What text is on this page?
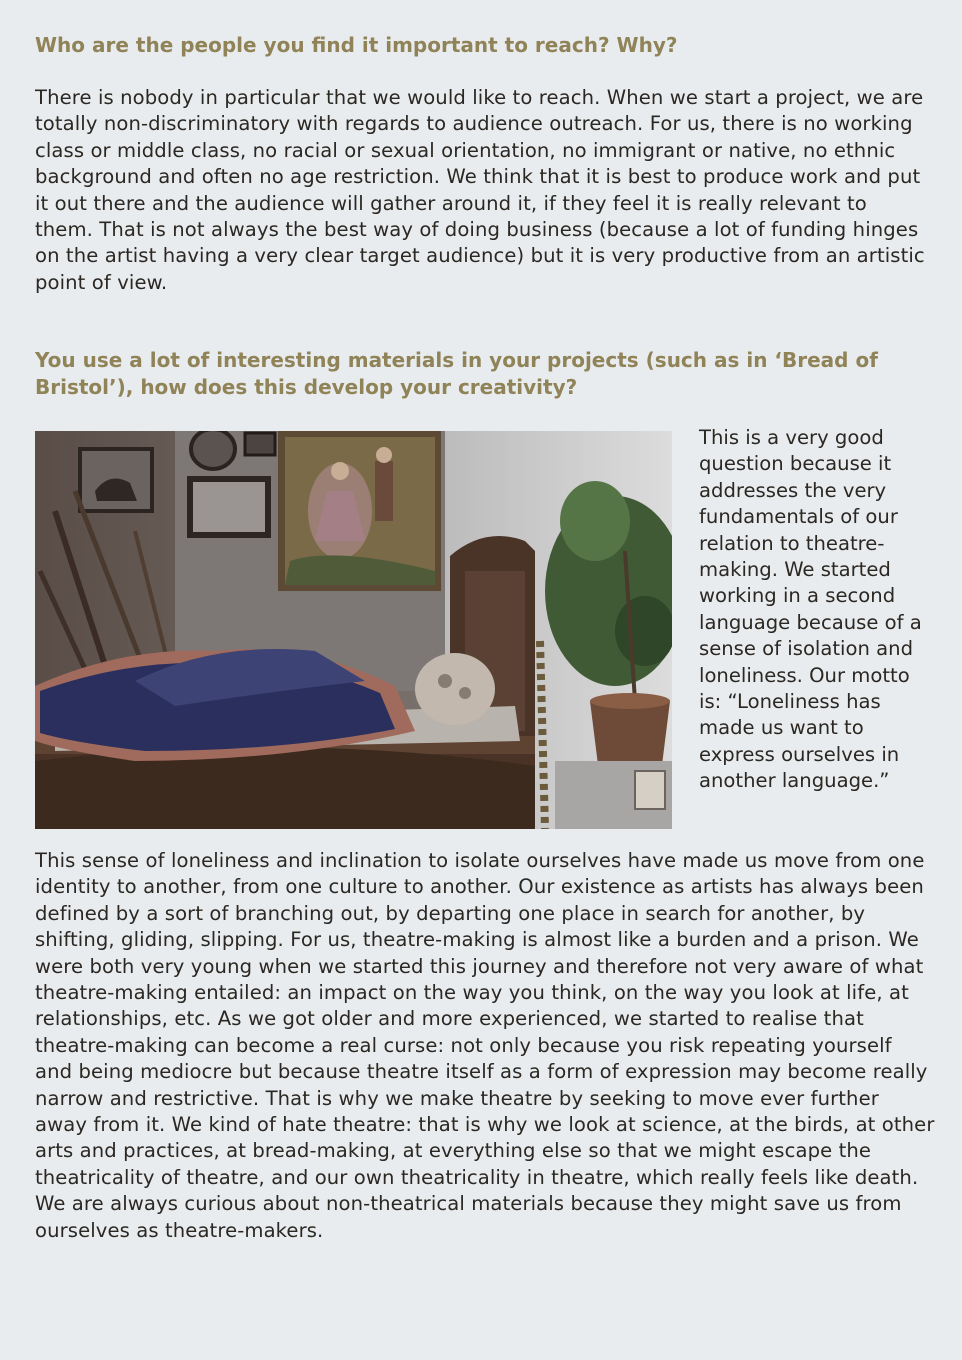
Who are the people you find it important to reach? Why?

There is nobody in particular that we would like to reach. When we start a project, we are totally non-discriminatory with regards to audience outreach. For us, there is no working class or middle class, no racial or sexual orientation, no immigrant or native, no ethnic background and often no age restriction. We think that it is best to produce work and put it out there and the audience will gather around it, if they feel it is really relevant to them. That is not always the best way of doing business (because a lot of funding hinges on the artist having a very clear target audience) but it is very productive from an artistic point of view.

You use a lot of interesting materials in your projects (such as in ‘Bread of Bristol’), how does this develop your creativity?

This is a very good question because it addresses the very fundamentals of our relation to theatre-making. We started working in a second language because of a sense of isolation and loneliness. Our motto is: “Loneliness has made us want to express ourselves in another language.”

This sense of loneliness and inclination to isolate ourselves have made us move from one identity to another, from one culture to another. Our existence as artists has always been defined by a sort of branching out, by departing one place in search for another, by shifting, gliding, slipping. For us, theatre-making is almost like a burden and a prison. We were both very young when we started this journey and therefore not very aware of what theatre-making entailed: an impact on the way you think, on the way you look at life, at relationships, etc. As we got older and more experienced, we started to realise that theatre-making can become a real curse: not only because you risk repeating yourself and being mediocre but because theatre itself as a form of expression may become really narrow and restrictive. That is why we make theatre by seeking to move ever further away from it. We kind of hate theatre: that is why we look at science, at the birds, at other arts and practices, at bread-making, at everything else so that we might escape the theatricality of theatre, and our own theatricality in theatre, which really feels like death. We are always curious about non-theatrical materials because they might save us from ourselves as theatre-makers.
